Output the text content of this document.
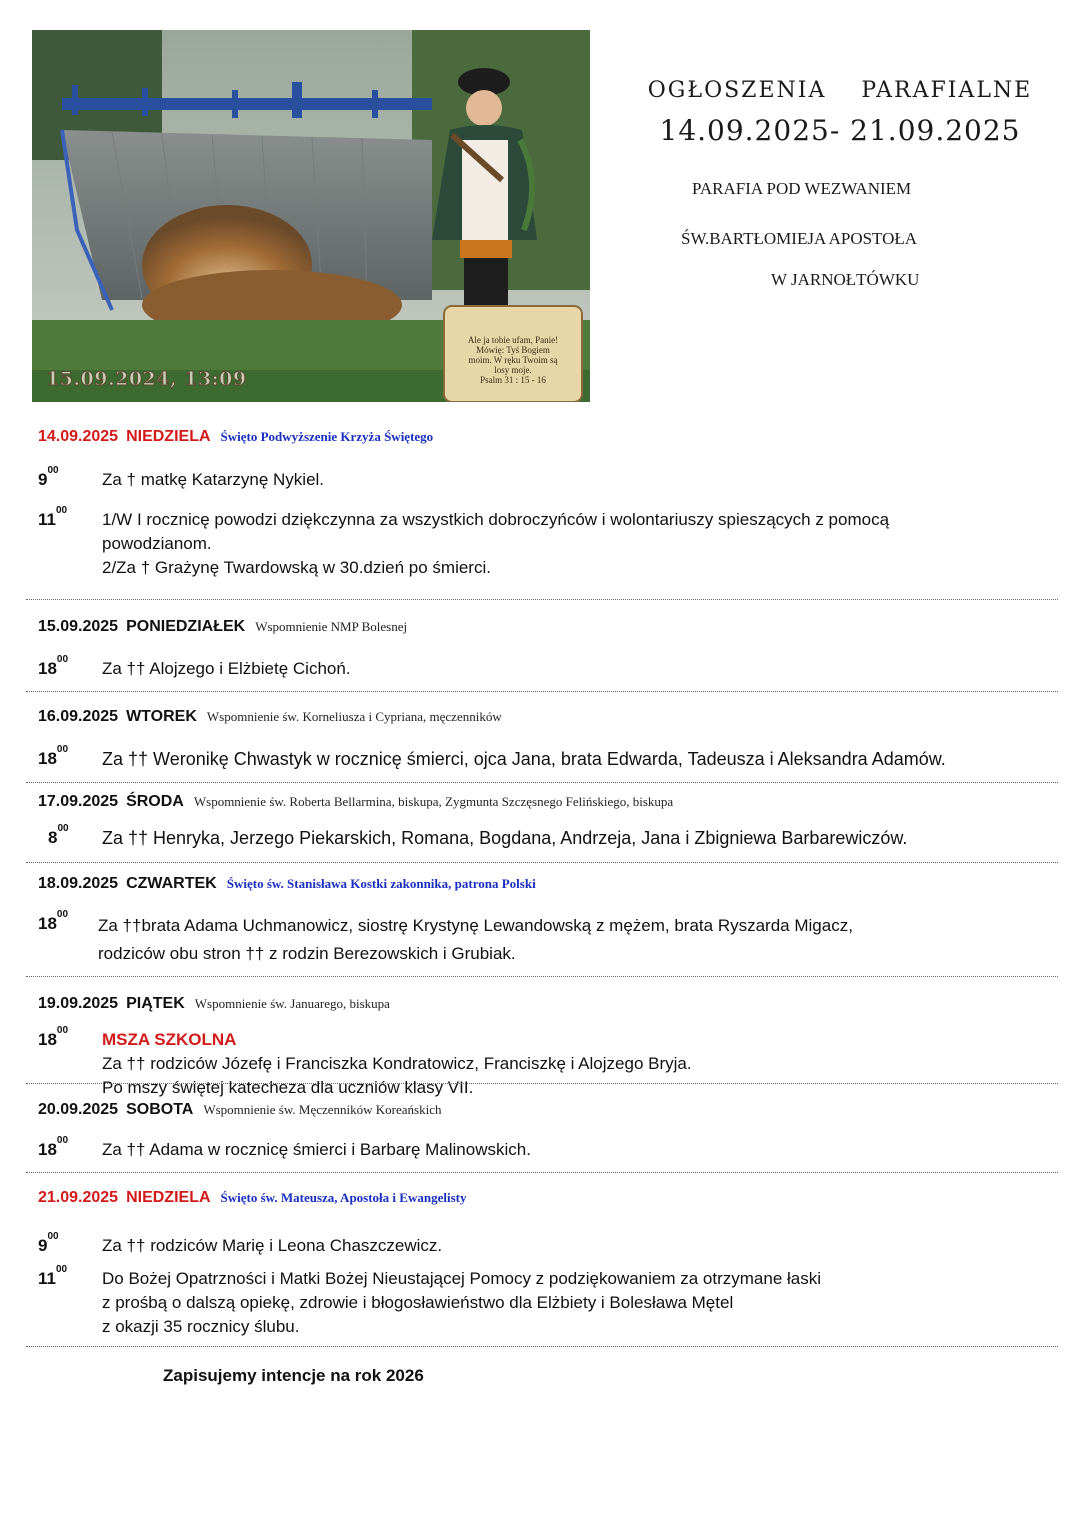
Ale ja tobie ufam, Panie!
Mówię: Tyś Bogiem
moim. W ręku Twoim są
losy moje.
Psalm 31 : 15 - 16
15.09.2024, 13:09
OGŁOSZENIA PARAFIALNE
14.09.2025- 21.09.2025
PARAFIA POD WEZWANIEM
ŚW.BARTŁOMIEJA APOSTOŁA
W JARNOŁTÓWKU
14.09.2025 NIEDZIELA Święto Podwyższenie Krzyża Świętego
$9^{00}$	Za † matkę Katarzynę Nykiel.
$11^{00}$ 1/W I rocznicę powodzi dziękczynna za wszystkich dobroczyńców i wolontariuszy spieszących z pomocą
powodzianom.
2/Za † Grażynę Twardowską w 30.dzień po śmierci.
15.09.2025 PONIEDZIAŁEK Wspomnienie NMP Bolesnej
$18^{00}$ Za †† Alojzego i Elżbietę Cichoń.
16.09.2025 WTOREK Wspomnienie św. Korneliusza i Cypriana, męczenników
$18^{00}$ Za †† Weronikę Chwastyk w rocznicę śmierci, ojca Jana, brata Edwarda, Tadeusza i Aleksandra Adamów.
17.09.2025 ŚRODA Wspomnienie św. Roberta Bellarmina, biskupa, Zygmunta Szczęsnego Felińskiego, biskupa
$8^{00}$ Za †† Henryka, Jerzego Piekarskich, Romana, Bogdana, Andrzeja, Jana i Zbigniewa Barbarewiczów.
18.09.2025 CZWARTEK Święto św. Stanisława Kostki zakonnika, patrona Polski
$18^{00}$
Za ††brata Adama Uchmanowicz, siostrę Krystynę Lewandowską z mężem, brata Ryszarda Migacz,
rodziców obu stron †† z rodzin Berezowskich i Grubiak.
19.09.2025 PIĄTEK Wspomnienie św. Januarego, biskupa
$18^{00}$ MSZA SZKOLNA
Za †† rodziców Józefę i Franciszka Kondratowicz, Franciszkę i Alojzego Bryja.
Po mszy świętej katecheza dla uczniów klasy VII.
20.09.2025 SOBOTA Wspomnienie św. Męczenników Koreańskich
$18^{00}$ Za †† Adama w rocznicę śmierci i Barbarę Malinowskich.
21.09.2025 NIEDZIELA Święto św. Mateusza, Apostoła i Ewangelisty
$9^{00}$	Za †† rodziców Marię i Leona Chaszczewicz.
$11^{00}$ Do Bożej Opatrzności i Matki Bożej Nieustającej Pomocy z podziękowaniem za otrzymane łaski
z prośbą o dalszą opiekę, zdrowie i błogosławieństwo dla Elżbiety i Bolesława Mętel
z okazji 35 rocznicy ślubu.
Zapisujemy intencje na rok 2026
